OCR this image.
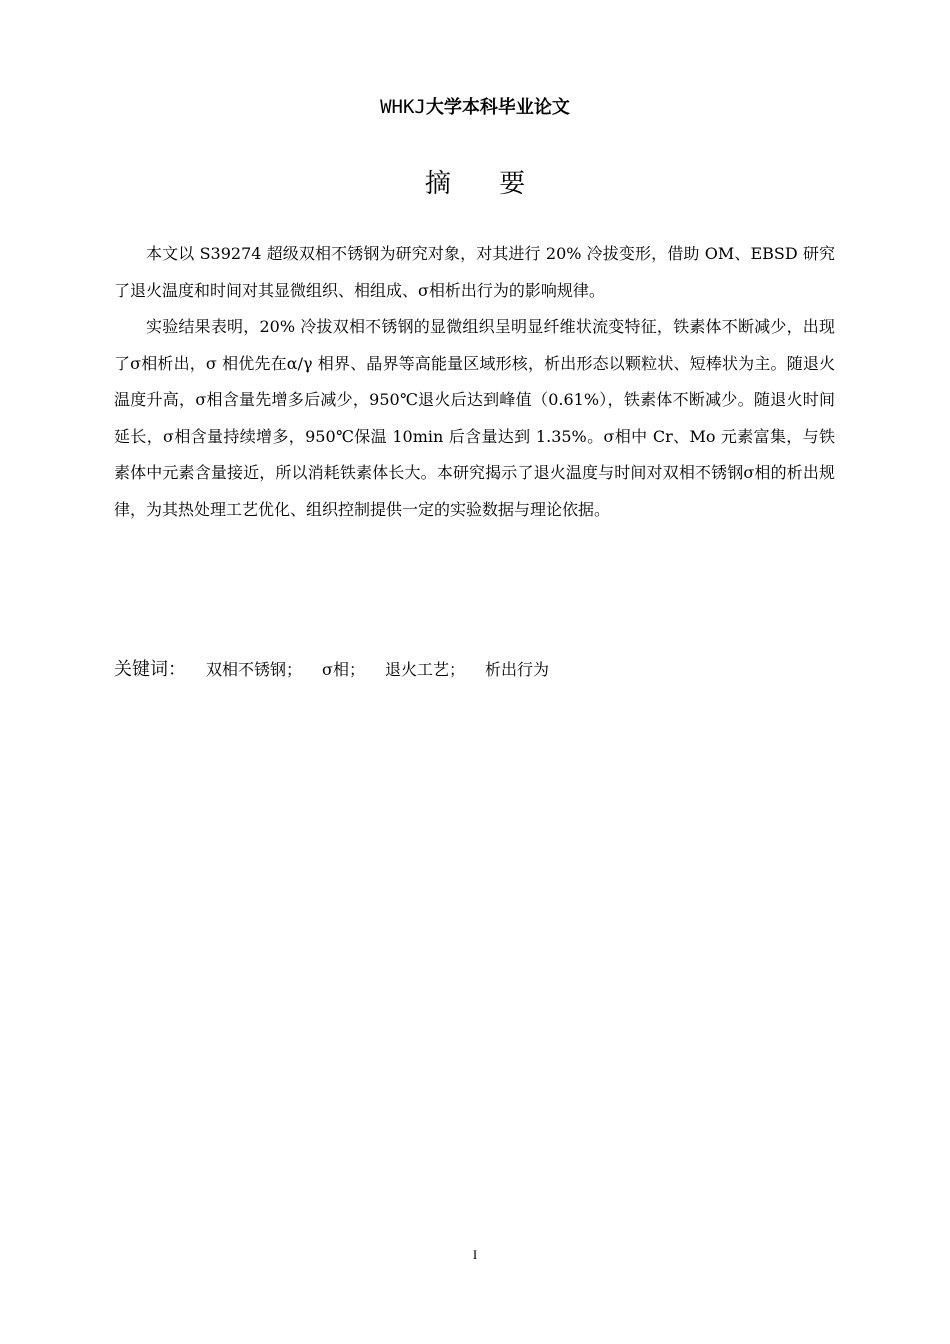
WHKJ大学本科毕业论文
摘 要

本文以 S39274 超级双相不锈钢为研究对象，对其进行 20% 冷拔变形，借助 OM、EBSD 研究了退火温度和时间对其显微组织、相组成、σ相析出行为的影响规律。

实验结果表明，20% 冷拔双相不锈钢的显微组织呈明显纤维状流变特征，铁素体不断减少，出现了σ相析出，σ 相优先在α/γ 相界、晶界等高能量区域形核，析出形态以颗粒状、短棒状为主。随退火温度升高，σ相含量先增多后减少，950℃退火后达到峰值（0.61%），铁素体不断减少。随退火时间延长，σ相含量持续增多，950℃保温 10min 后含量达到 1.35%。σ相中 Cr、Mo 元素富集，与铁素体中元素含量接近，所以消耗铁素体长大。本研究揭示了退火温度与时间对双相不锈钢σ相的析出规律，为其热处理工艺优化、组织控制提供一定的实验数据与理论依据。

关键词： 双相不锈钢； σ相； 退火工艺； 析出行为
I
